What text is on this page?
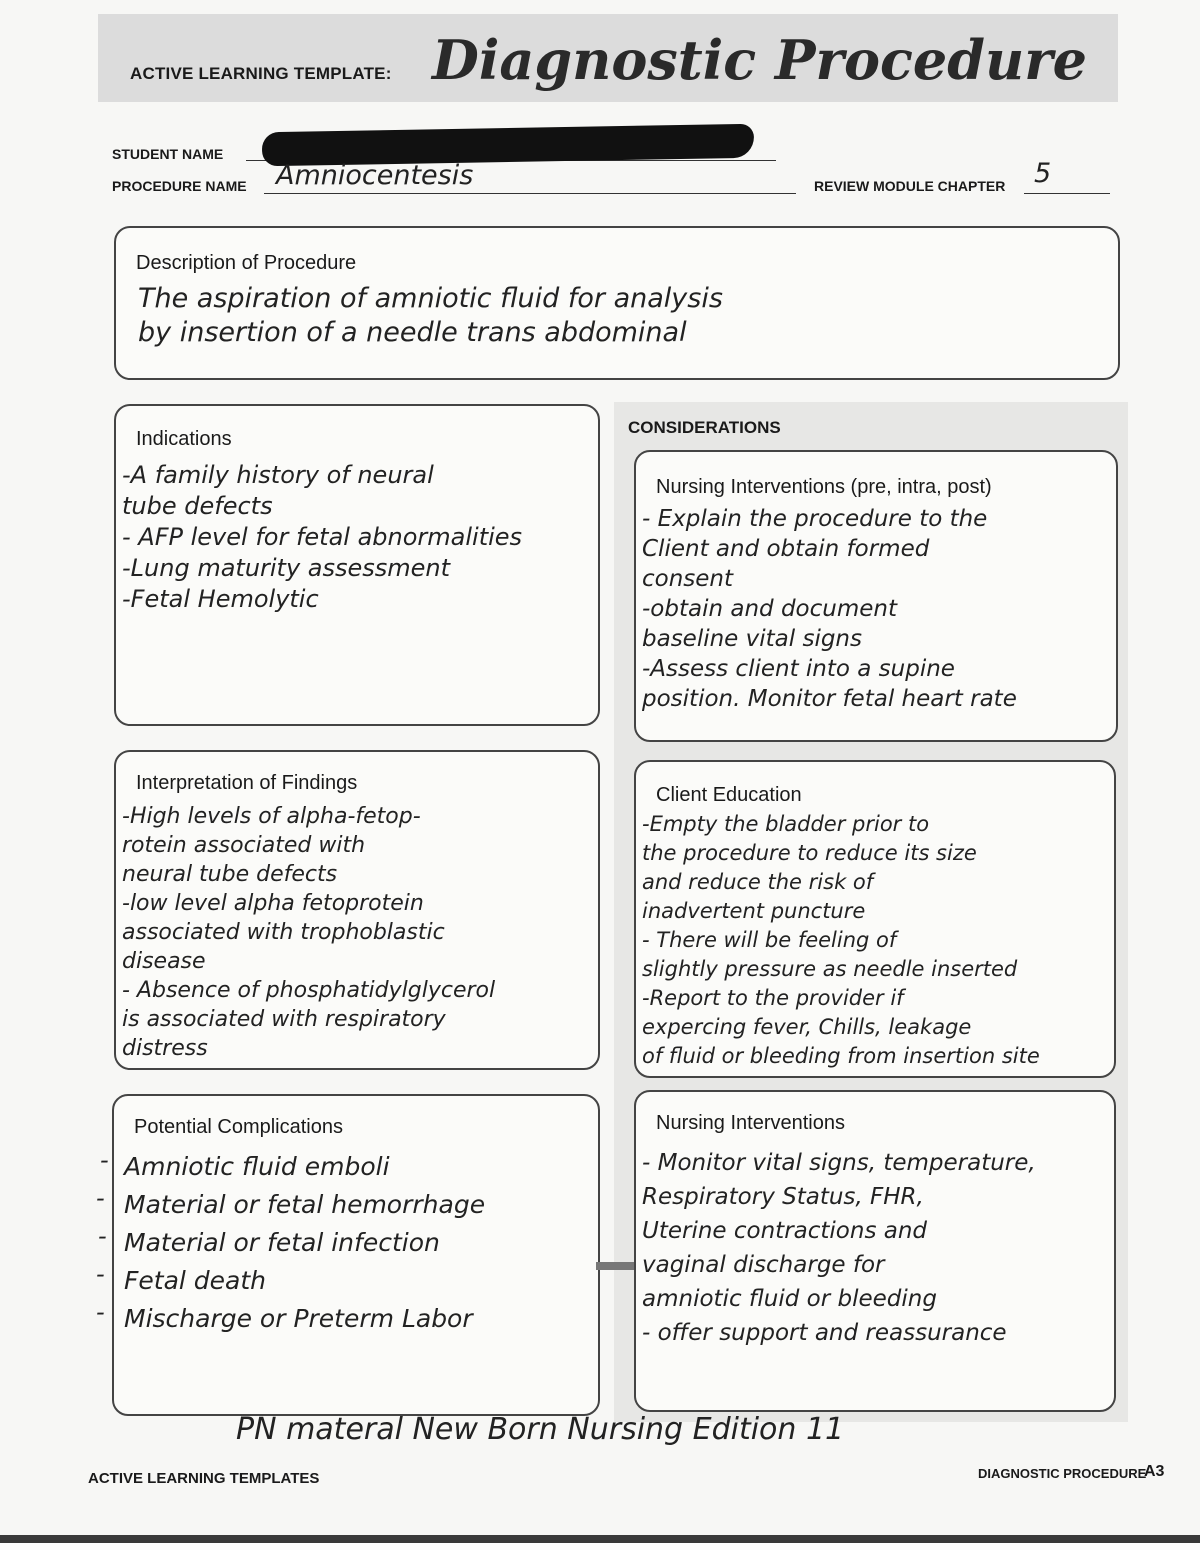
ACTIVE LEARNING TEMPLATE: Diagnostic Procedure
STUDENT NAME
PROCEDURE NAME Amniocentesis	REVIEW MODULE CHAPTER 5
Description of Procedure
The aspiration of amniotic fluid for analysis
by insertion of a needle trans abdominal
CONSIDERATIONS
Indications
-A family history of neural
tube defects
- AFP level for fetal abnormalities
-Lung maturity assessment
-Fetal Hemolytic
Nursing Interventions (pre, intra, post)
- Explain the procedure to the
Client and obtain formed
consent
-obtain and document
baseline vital signs
-Assess client into a supine
position. Monitor fetal heart rate
Interpretation of Findings
-High levels of alpha-fetop-
rotein associated with
neural tube defects
-low level alpha fetoprotein
associated with trophoblastic
disease
- Absence of phosphatidylglycerol
is associated with respiratory
distress
Client Education
-Empty the bladder prior to
the procedure to reduce its size
and reduce the risk of
inadvertent puncture
- There will be feeling of
slightly pressure as needle inserted
-Report to the provider if
expercing fever, Chills, leakage
of fluid or bleeding from insertion site
Potential Complications
Amniotic fluid emboli
Material or fetal hemorrhage
Material or fetal infection
Fetal death
Mischarge or Preterm Labor
-
-
-
-
-
Nursing Interventions
- Monitor vital signs, temperature,
Respiratory Status, FHR,
Uterine contractions and
vaginal discharge for
amniotic fluid or bleeding
- offer support and reassurance
PN materal New Born Nursing Edition 11
ACTIVE LEARNING TEMPLATES	DIAGNOSTIC PROCEDURE
A3
